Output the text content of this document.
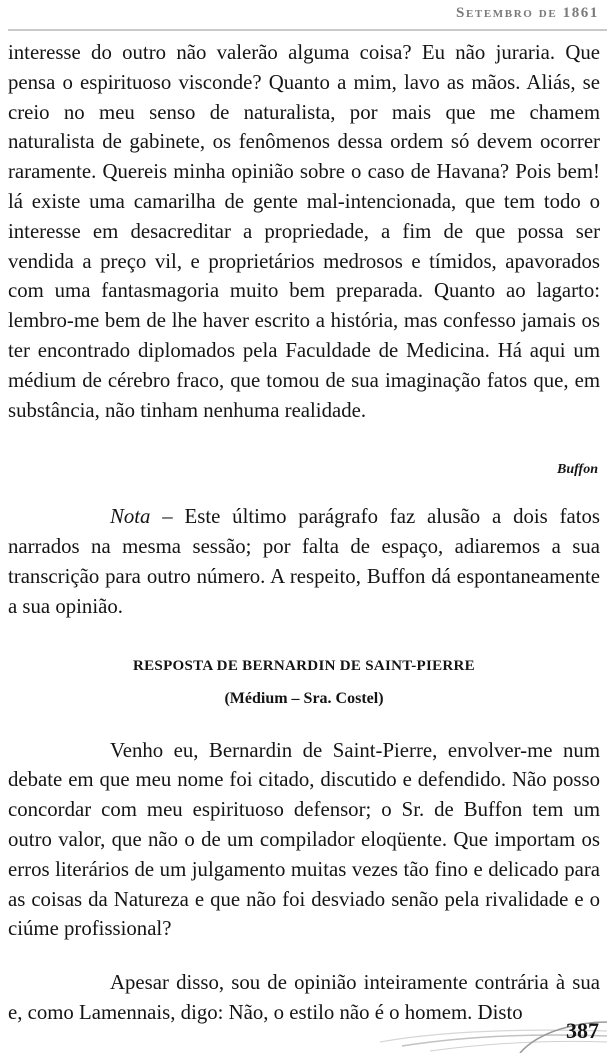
Setembro de 1861

interesse do outro não valerão alguma coisa? Eu não juraria. Que pensa o espirituoso visconde? Quanto a mim, lavo as mãos. Aliás, se creio no meu senso de naturalista, por mais que me chamem naturalista de gabinete, os fenômenos dessa ordem só devem ocorrer raramente. Quereis minha opinião sobre o caso de Havana? Pois bem! lá existe uma camarilha de gente mal-intencionada, que tem todo o interesse em desacreditar a propriedade, a fim de que possa ser vendida a preço vil, e proprietários medrosos e tímidos, apavorados com uma fantasmagoria muito bem preparada. Quanto ao lagarto: lembro-me bem de lhe haver escrito a história, mas confesso jamais os ter encontrado diplomados pela Faculdade de Medicina. Há aqui um médium de cérebro fraco, que tomou de sua imaginação fatos que, em substância, não tinham nenhuma realidade.

Buffon

Nota – Este último parágrafo faz alusão a dois fatos narrados na mesma sessão; por falta de espaço, adiaremos a sua transcrição para outro número. A respeito, Buffon dá espontaneamente a sua opinião.

RESPOSTA DE BERNARDIN DE SAINT-PIERRE

(Médium – Sra. Costel)

Venho eu, Bernardin de Saint-Pierre, envolver-me num debate em que meu nome foi citado, discutido e defendido. Não posso concordar com meu espirituoso defensor; o Sr. de Buffon tem um outro valor, que não o de um compilador eloqüente. Que importam os erros literários de um julgamento muitas vezes tão fino e delicado para as coisas da Natureza e que não foi desviado senão pela rivalidade e o ciúme profissional?

Apesar disso, sou de opinião inteiramente contrária à sua e, como Lamennais, digo: Não, o estilo não é o homem. Disto

387
